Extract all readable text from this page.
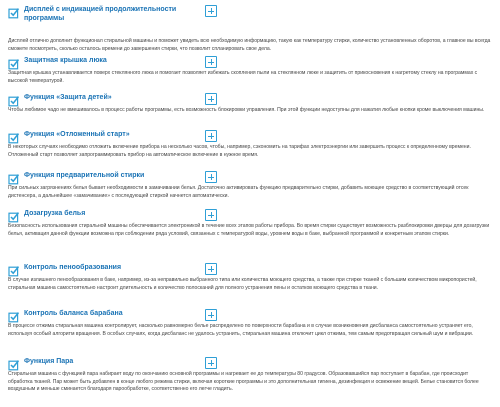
Дисплей с индикацией продолжительности программы
Дисплей отлично дополнит функционал стиральной машины и поможет увидеть всю необходимую информацию, такую как температуру стирки, количество установленных оборотов, а главное вы всегда сможете посмотреть, сколько осталось времени до завершения стирки, что позволит спланировать свое дела.
Защитная крышка люка
Защитная крышка устанавливается поверх стеклянного люка и помогает позволяет избежать скопления пыли на стеклянном люке и защитить от прикосновения к нагретому стеклу на программах с высокой температурой.
Функция «Защита детей»
Чтобы любимое чадо не вмешивалось в процесс работы программы, есть возможность блокировки управления. При этой функции недоступны для нажатия любые кнопки кроме выключения машины.
Функция «Отложенный старт»
В некоторых случаях необходимо отложить включение прибора на несколько часов, чтобы, например, сэкономить на тарифах электроэнергии или завершить процесс к определенному времени. Отложенный старт позволяет запрограммировать прибор на автоматическое включение в нужное время.
Функция предварительной стирки
При сильных загрязнениях белья бывает необходимости в замачивании белья. Достаточно активировать функцию предварительно стирки, добавить моющее средство в соответствующий отсек дистенсера, а дальнейшее «замачивание» с последующей стиркой начнется автоматически.
Дозагрузка белья
Безопасность использования стиральной машины обеспечивается электроникой в течение всех этапов работы прибора. Во время стирки существует возможность разблокировки дверцы для дозагрузки белья, активация данной функции возможна при соблюдении ряда условий, связанных с температурой воды, уровнем воды в баке, выбранной программой и конкретным этапом стирки.
Контроль пенообразования
В случае излишнего пенообразования в баке, например, из-за неправильно выбранного типа или количества моющего средства, а также при стирке тканей с большим количеством микропористей, стиральная машина самостоятельно настроит длительность и количество полосканий для полного устранения пены и остатков моющего средства в ткани.
Контроль баланса барабана
В процессе отжима стиральная машина контролирует, насколько равномерно белье распределено по поверхности барабана и в случае возникновения дисбаланса самостоятельно устраняет его, используя особый алгоритм вращения. В особых случаях, когда дисбаланс не удалось устранить, стиральная машина отключит цикл отжима, тем самым предотвращая сильный шум и вибрации.
Функция Пара
Стиральная машина с функцией пара набирает воду по окончанию основной программы и нагревает ее до температуры 80 градусов. Образовавшийся пар поступает в барабан, где происходит обработка тканей. Пар может быть добавлен в конце любого режима стирки, включая короткие программы и это дополнительная гигиена, дезинфекция и освежение вещей. Белье становится более воздушным и меньше сминается благодаря парообработке, соответственно его легче гладить.
